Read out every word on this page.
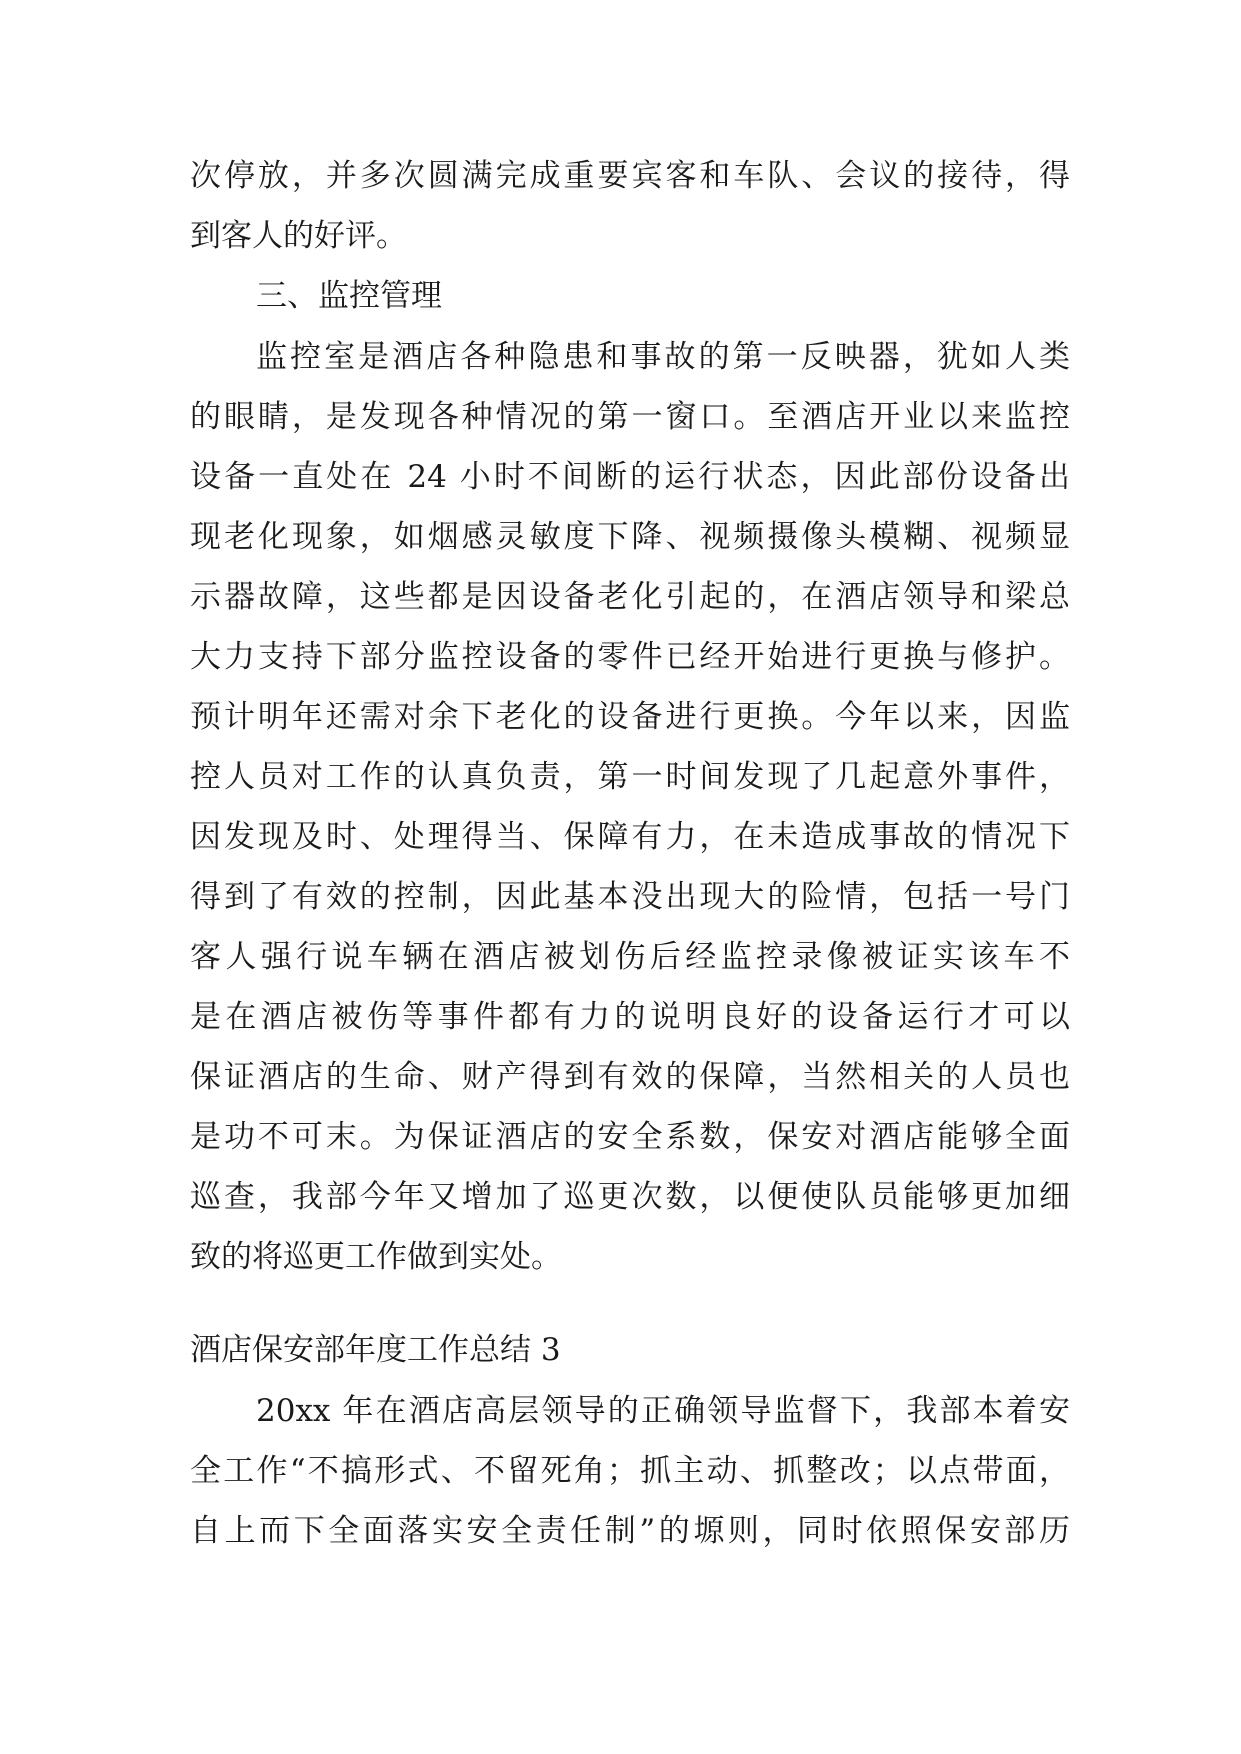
次停放，并多次圆满完成重要宾客和车队、会议的接待，得
到客人的好评。
三、监控管理
监控室是酒店各种隐患和事故的第一反映器，犹如人类
的眼睛，是发现各种情况的第一窗口。至酒店开业以来监控
设备一直处在 24 小时不间断的运行状态，因此部份设备出
现老化现象，如烟感灵敏度下降、视频摄像头模糊、视频显
示器故障，这些都是因设备老化引起的，在酒店领导和梁总
大力支持下部分监控设备的零件已经开始进行更换与修护。
预计明年还需对余下老化的设备进行更换。今年以来，因监
控人员对工作的认真负责，第一时间发现了几起意外事件，
因发现及时、处理得当、保障有力，在未造成事故的情况下
得到了有效的控制，因此基本没出现大的险情，包括一号门
客人强行说车辆在酒店被划伤后经监控录像被证实该车不
是在酒店被伤等事件都有力的说明良好的设备运行才可以
保证酒店的生命、财产得到有效的保障，当然相关的人员也
是功不可末。为保证酒店的安全系数，保安对酒店能够全面
巡查，我部今年又增加了巡更次数，以便使队员能够更加细
致的将巡更工作做到实处。
酒店保安部年度工作总结 3
20xx 年在酒店高层领导的正确领导监督下，我部本着安
全工作“不搞形式、不留死角；抓主动、抓整改；以点带面，
自上而下全面落实安全责任制”的塬则，同时依照保安部历
